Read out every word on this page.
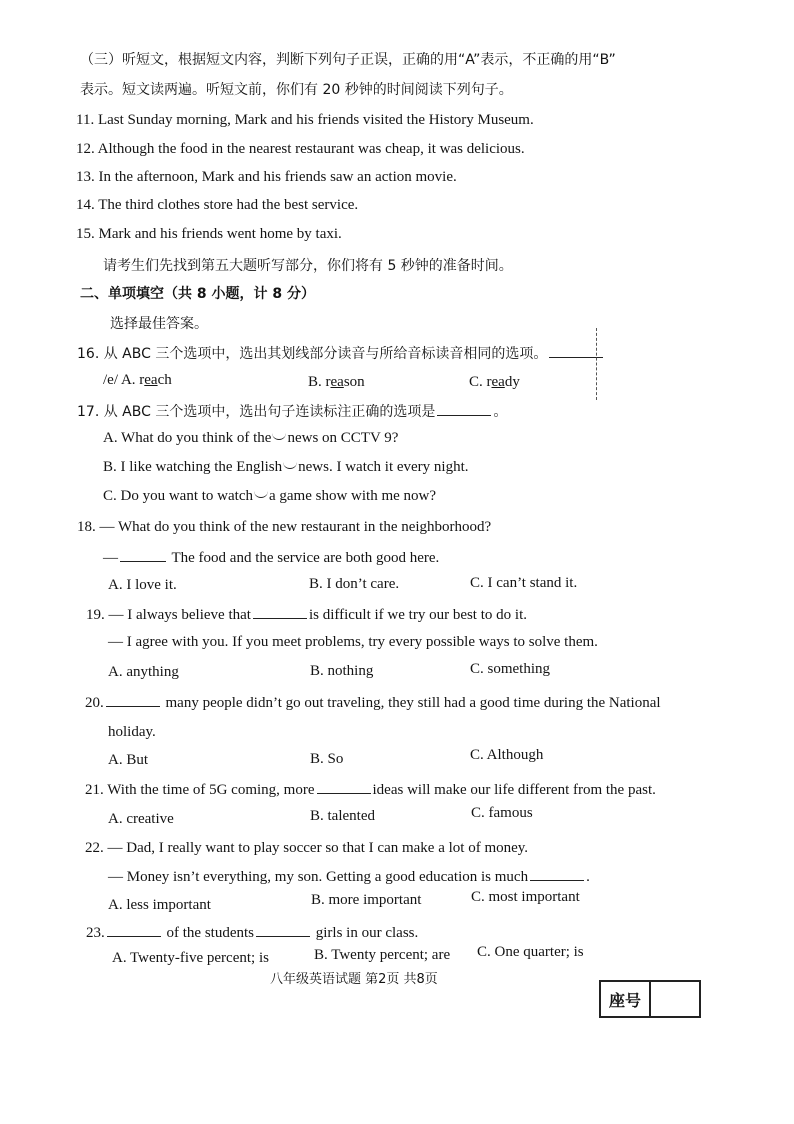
（三）听短文，根据短文内容，判断下列句子正误，正确的用“A”表示，不正确的用“B”
表示。短文读两遍。听短文前，你们有 20 秒钟的时间阅读下列句子。
11. Last Sunday morning, Mark and his friends visited the History Museum.
12. Although the food in the nearest restaurant was cheap, it was delicious.
13. In the afternoon, Mark and his friends saw an action movie.
14. The third clothes store had the best service.
15. Mark and his friends went home by taxi.
请考生们先找到第五大题听写部分，你们将有 5 秒钟的准备时间。
二、单项填空（共 8 小题，计 8 分）
选择最佳答案。
16. 从 ABC 三个选项中，选出其划线部分读音与所给音标读音相同的选项。
/e/ A. reach	B. reason	C. ready
17. 从 ABC 三个选项中，选出句子连读标注正确的选项是	。
A. What do you think of the news on CCTV 9?
B. I like watching the English news. I watch it every night.
C. Do you want to watch a game show with me now?
18. — What do you think of the new restaurant in the neighborhood?
—	The food and the service are both good here.
A. I love it.	B. I don’t care.	C. I can’t stand it.
19. — I always believe that	is difficult if we try our best to do it.
— I agree with you. If you meet problems, try every possible ways to solve them.
A. anything	B. nothing	C. something
20.	many people didn’t go out traveling, they still had a good time during the National
holiday.
A. But	B. So	C. Although
21. With the time of 5G coming, more	ideas will make our life different from the past.
A. creative	B. talented	C. famous
22. — Dad, I really want to play soccer so that I can make a lot of money.
— Money isn’t everything, my son. Getting a good education is much	.
A. less important	B. more important	C. most important
23.	of the students	girls in our class.
A. Twenty-five percent; is	B. Twenty percent; are C. One quarter; is
八年级英语试题 第2页 共8页
座号
